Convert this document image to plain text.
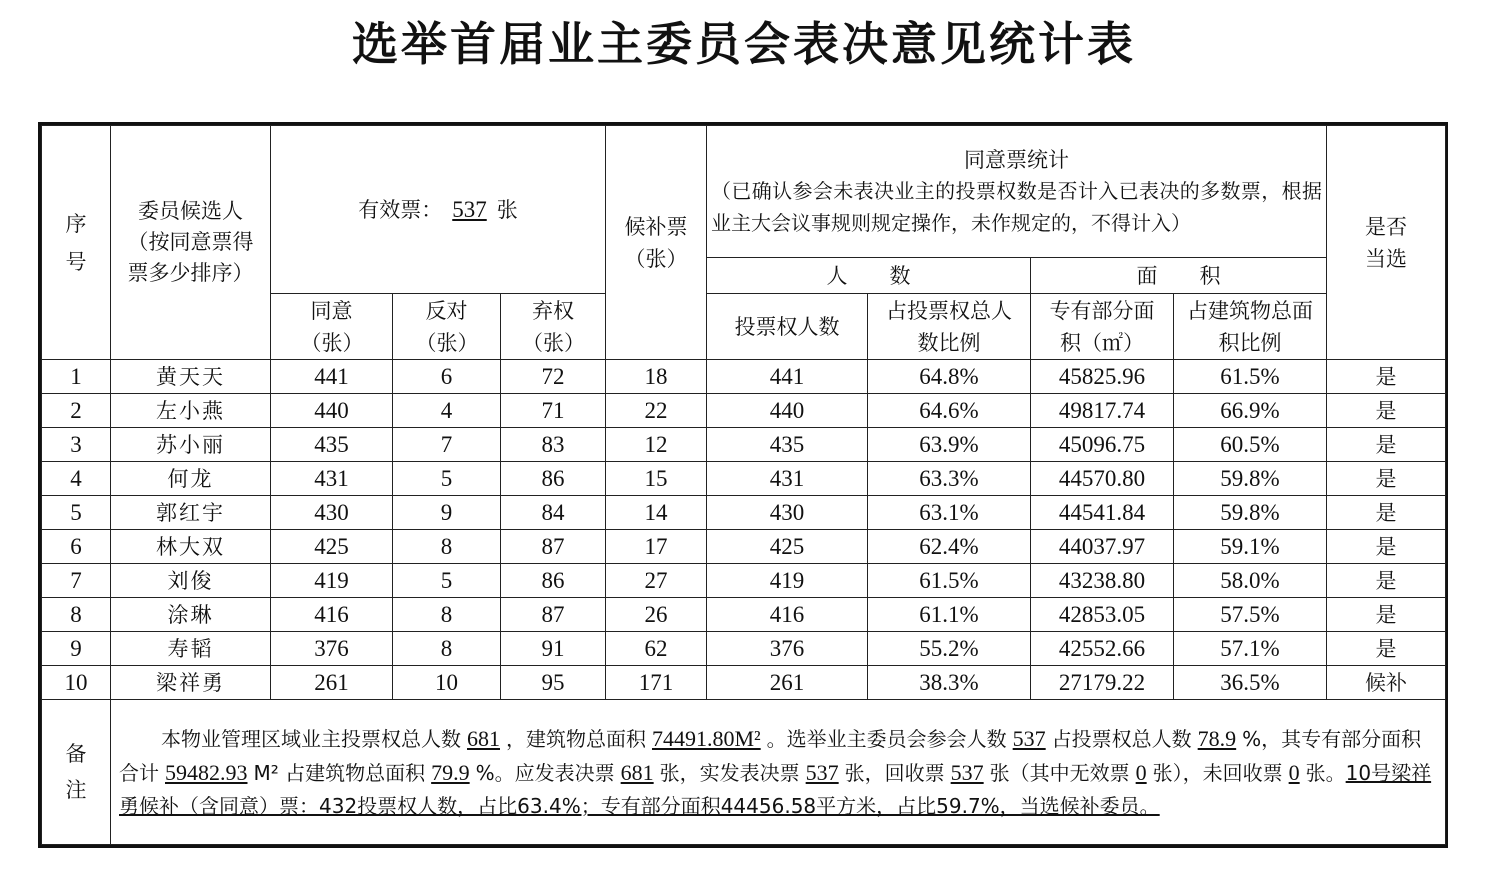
选举首届业主委员会表决意见统计表
序号	委员候选人（按同意票得票多少排序）	有效票： 537 张			候补票（张）	同意票统计
（已确认参会未表决业主的投票权数是否计入已表决的多数票，根据业主大会议事规则规定操作，未作规定的，不得计入）				是否当选

						人　　数		面　　积		

		同意（张）	反对（张）	弃权（张）		投票权人数	占投票权总人数比例	专有部分面积（㎡）	占建筑物总面积比例	

1	黄天天	441	6	72	18	441	64.8%	45825.96	61.5%	是
2	左小燕	440	4	71	22	440	64.6%	49817.74	66.9%	是
3	苏小丽	435	7	83	12	435	63.9%	45096.75	60.5%	是
4	何龙	431	5	86	15	431	63.3%	44570.80	59.8%	是
5	郭红宇	430	9	84	14	430	63.1%	44541.84	59.8%	是
6	林大双	425	8	87	17	425	62.4%	44037.97	59.1%	是
7	刘俊	419	5	86	27	419	61.5%	43238.80	58.0%	是
8	涂琳	416	8	87	26	416	61.1%	42853.05	57.5%	是
9	寿韬	376	8	91	62	376	55.2%	42552.66	57.1%	是
10	梁祥勇	261	10	95	171	261	38.3%	27179.22	36.5%	候补

备注	本物业管理区域业主投票权总人数 681 ，建筑物总面积 74491.80M² 。选举业主委员会参会人数 537 占投票权总人数 78.9 %，其专有部分面积合计 59482.93 M² 占建筑物总面积 79.9 %。应发表决票 681 张，实发表决票 537 张，回收票 537 张（其中无效票 0 张），未回收票 0 张。10号梁祥勇候补（含同意）票：432投票权人数，占比63.4%；专有部分面积44456.58平方米，占比59.7%，当选候补委员。									
